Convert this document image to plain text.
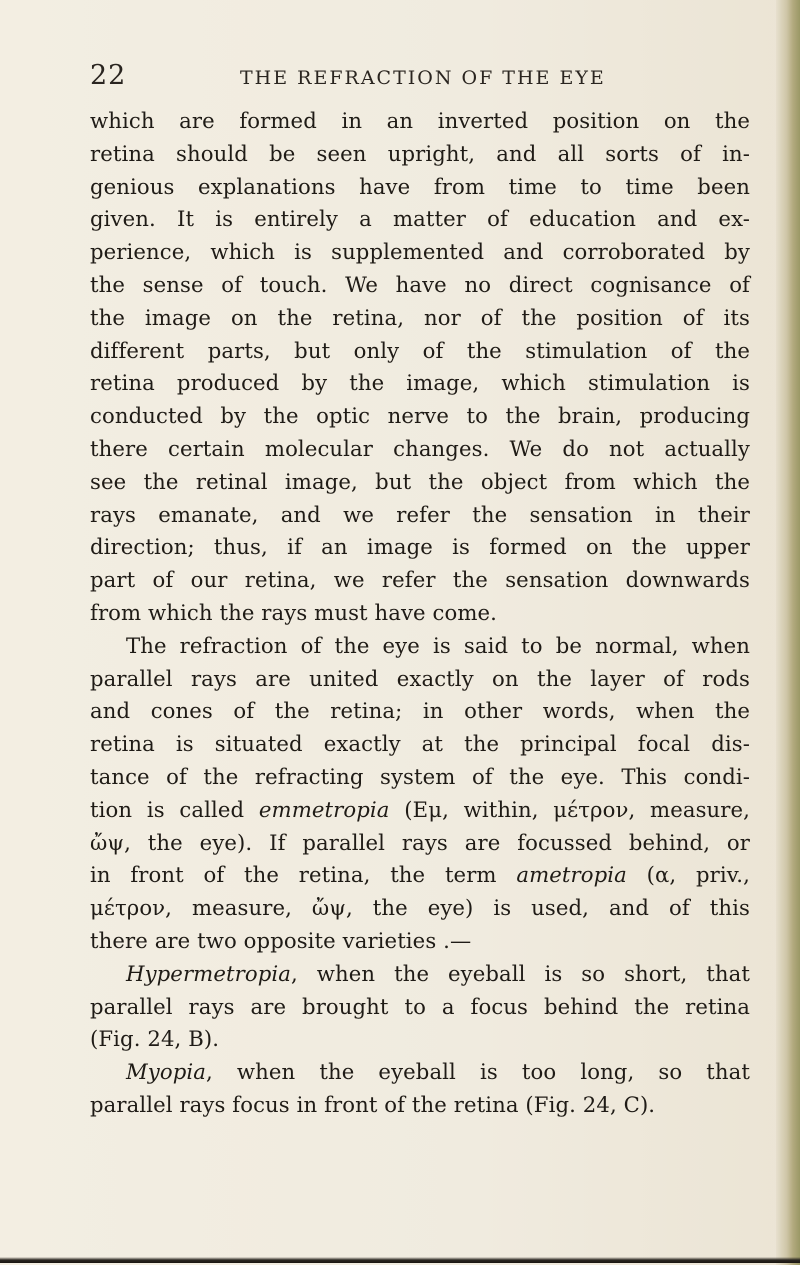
22	THE REFRACTION OF THE EYE
which are formed in an inverted position on the
retina should be seen upright, and all sorts of in-
genious explanations have from time to time been
given. It is entirely a matter of education and ex-
perience, which is supplemented and corroborated by
the sense of touch. We have no direct cognisance of
the image on the retina, nor of the position of its
different parts, but only of the stimulation of the
retina produced by the image, which stimulation is
conducted by the optic nerve to the brain, producing
there certain molecular changes. We do not actually
see the retinal image, but the object from which the
rays emanate, and we refer the sensation in their
direction; thus, if an image is formed on the upper
part of our retina, we refer the sensation downwards
from which the rays must have come.
The refraction of the eye is said to be normal, when
parallel rays are united exactly on the layer of rods
and cones of the retina; in other words, when the
retina is situated exactly at the principal focal dis-
tance of the refracting system of the eye. This condi-
tion is called emmetropia (Εμ, within, μέτρον, measure,
ὤψ, the eye). If parallel rays are focussed behind, or
in front of the retina, the term ametropia (α, priv.,
μέτρον, measure, ὤψ, the eye) is used, and of this
there are two opposite varieties .—
Hypermetropia, when the eyeball is so short, that
parallel rays are brought to a focus behind the retina
(Fig. 24, B).
Myopia, when the eyeball is too long, so that
parallel rays focus in front of the retina (Fig. 24, C).
